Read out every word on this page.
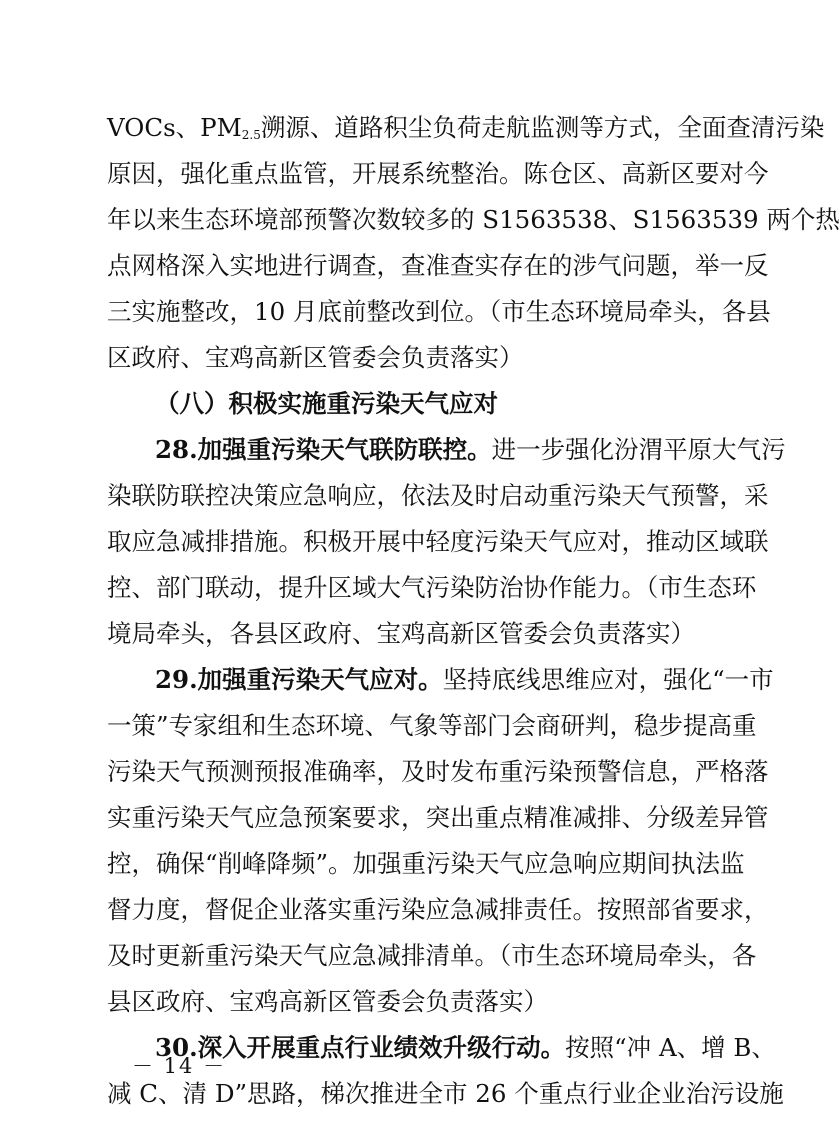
VOCs、PM2.5溯源、道路积尘负荷走航监测等方式，全面查清污染
原因，强化重点监管，开展系统整治。陈仓区、高新区要对今
年以来生态环境部预警次数较多的 S1563538、S1563539 两个热
点网格深入实地进行调查，查准查实存在的涉气问题，举一反
三实施整改，10 月底前整改到位。（市生态环境局牵头，各县
区政府、宝鸡高新区管委会负责落实）
（八）积极实施重污染天气应对
28.加强重污染天气联防联控。进一步强化汾渭平原大气污
染联防联控决策应急响应，依法及时启动重污染天气预警，采
取应急减排措施。积极开展中轻度污染天气应对，推动区域联
控、部门联动，提升区域大气污染防治协作能力。（市生态环
境局牵头，各县区政府、宝鸡高新区管委会负责落实）
29.加强重污染天气应对。坚持底线思维应对，强化“一市
一策”专家组和生态环境、气象等部门会商研判，稳步提高重
污染天气预测预报准确率，及时发布重污染预警信息，严格落
实重污染天气应急预案要求，突出重点精准减排、分级差异管
控，确保“削峰降频”。加强重污染天气应急响应期间执法监
督力度，督促企业落实重污染应急减排责任。按照部省要求，
及时更新重污染天气应急减排清单。（市生态环境局牵头，各
县区政府、宝鸡高新区管委会负责落实）
30.深入开展重点行业绩效升级行动。按照“冲 A、增 B、
减 C、清 D”思路，梯次推进全市 26 个重点行业企业治污设施
－ 14 －
